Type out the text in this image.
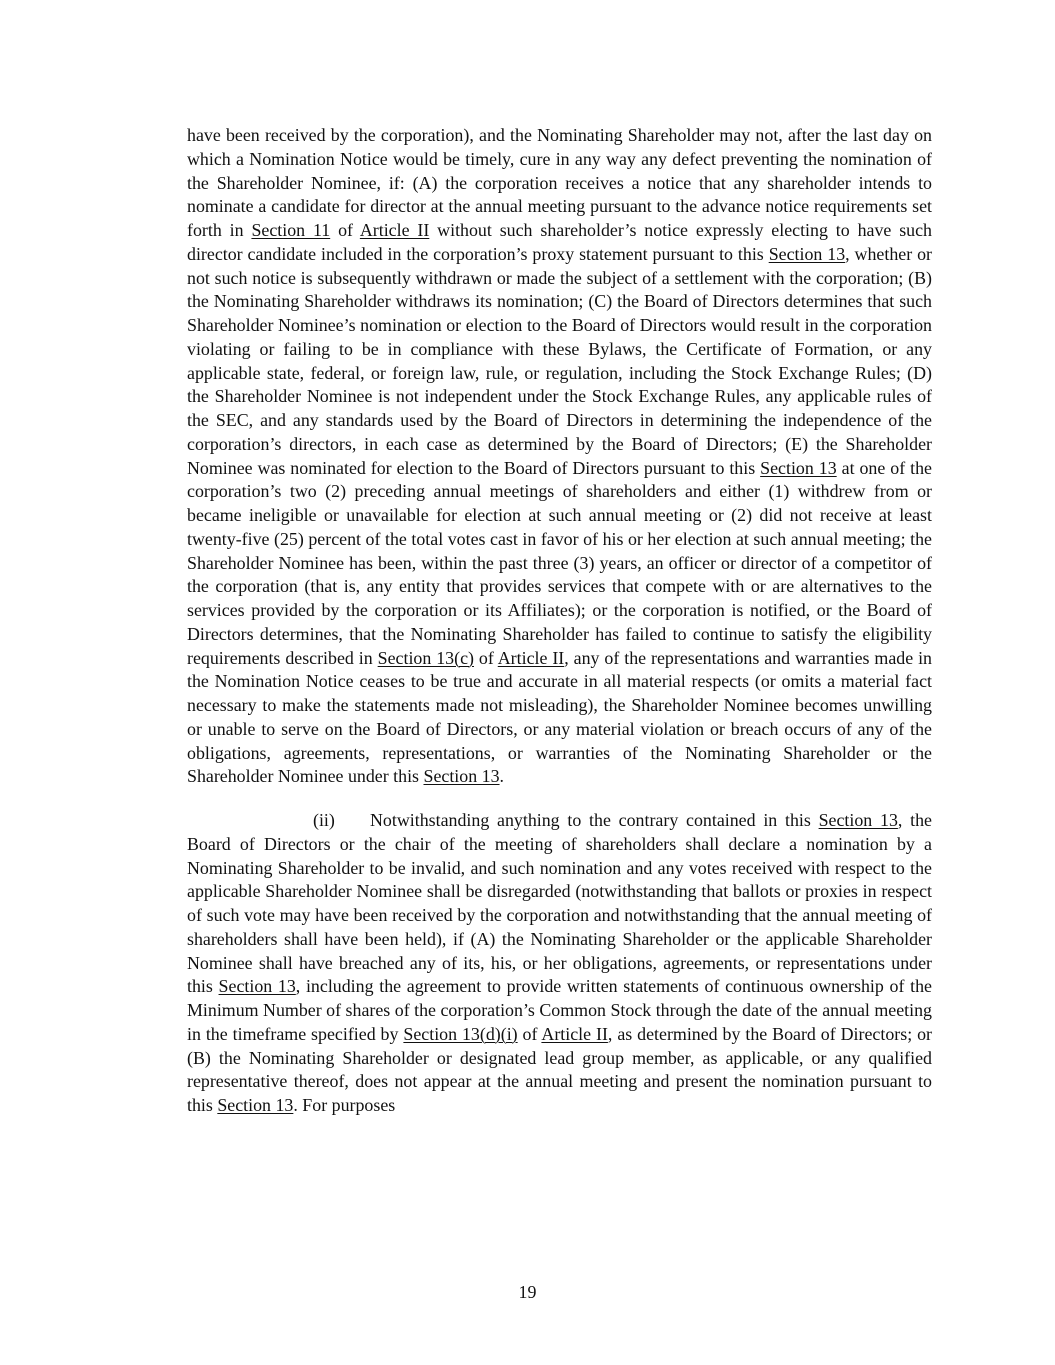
have been received by the corporation), and the Nominating Shareholder may not, after the last day on which a Nomination Notice would be timely, cure in any way any defect preventing the nomination of the Shareholder Nominee, if: (A) the corporation receives a notice that any shareholder intends to nominate a candidate for director at the annual meeting pursuant to the advance notice requirements set forth in Section 11 of Article II without such shareholder’s notice expressly electing to have such director candidate included in the corporation’s proxy statement pursuant to this Section 13, whether or not such notice is subsequently withdrawn or made the subject of a settlement with the corporation; (B) the Nominating Shareholder withdraws its nomination; (C) the Board of Directors determines that such Shareholder Nominee’s nomination or election to the Board of Directors would result in the corporation violating or failing to be in compliance with these Bylaws, the Certificate of Formation, or any applicable state, federal, or foreign law, rule, or regulation, including the Stock Exchange Rules; (D) the Shareholder Nominee is not independent under the Stock Exchange Rules, any applicable rules of the SEC, and any standards used by the Board of Directors in determining the independence of the corporation’s directors, in each case as determined by the Board of Directors; (E) the Shareholder Nominee was nominated for election to the Board of Directors pursuant to this Section 13 at one of the corporation’s two (2) preceding annual meetings of shareholders and either (1) withdrew from or became ineligible or unavailable for election at such annual meeting or (2) did not receive at least twenty-five (25) percent of the total votes cast in favor of his or her election at such annual meeting; the Shareholder Nominee has been, within the past three (3) years, an officer or director of a competitor of the corporation (that is, any entity that provides services that compete with or are alternatives to the services provided by the corporation or its Affiliates); or the corporation is notified, or the Board of Directors determines, that the Nominating Shareholder has failed to continue to satisfy the eligibility requirements described in Section 13(c) of Article II, any of the representations and warranties made in the Nomination Notice ceases to be true and accurate in all material respects (or omits a material fact necessary to make the statements made not misleading), the Shareholder Nominee becomes unwilling or unable to serve on the Board of Directors, or any material violation or breach occurs of any of the obligations, agreements, representations, or warranties of the Nominating Shareholder or the Shareholder Nominee under this Section 13.

(ii) Notwithstanding anything to the contrary contained in this Section 13, the Board of Directors or the chair of the meeting of shareholders shall declare a nomination by a Nominating Shareholder to be invalid, and such nomination and any votes received with respect to the applicable Shareholder Nominee shall be disregarded (notwithstanding that ballots or proxies in respect of such vote may have been received by the corporation and notwithstanding that the annual meeting of shareholders shall have been held), if (A) the Nominating Shareholder or the applicable Shareholder Nominee shall have breached any of its, his, or her obligations, agreements, or representations under this Section 13, including the agreement to provide written statements of continuous ownership of the Minimum Number of shares of the corporation’s Common Stock through the date of the annual meeting in the timeframe specified by Section 13(d)(i) of Article II, as determined by the Board of Directors; or (B) the Nominating Shareholder or designated lead group member, as applicable, or any qualified representative thereof, does not appear at the annual meeting and present the nomination pursuant to this Section 13. For purposes

19
